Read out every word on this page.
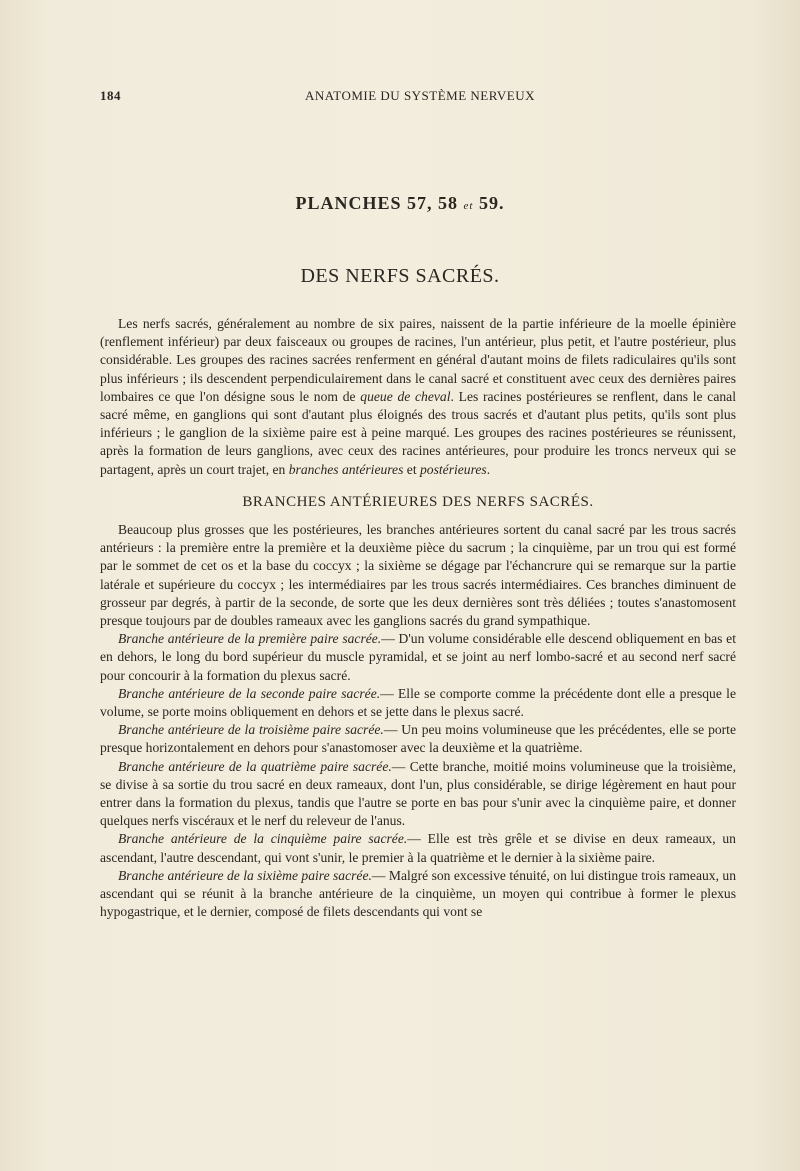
184	ANATOMIE DU SYSTÈME NERVEUX
PLANCHES 57, 58 et 59.
DES NERFS SACRÉS.

Les nerfs sacrés, généralement au nombre de six paires, naissent de la partie inférieure de la moelle épinière (renflement inférieur) par deux faisceaux ou groupes de racines, l'un antérieur, plus petit, et l'autre postérieur, plus considérable. Les groupes des racines sacrées renferment en général d'autant moins de filets radiculaires qu'ils sont plus inférieurs ; ils descendent perpendiculairement dans le canal sacré et constituent avec ceux des dernières paires lombaires ce que l'on désigne sous le nom de queue de cheval. Les racines postérieures se renflent, dans le canal sacré même, en ganglions qui sont d'autant plus éloignés des trous sacrés et d'autant plus petits, qu'ils sont plus inférieurs ; le ganglion de la sixième paire est à peine marqué. Les groupes des racines postérieures se réunissent, après la formation de leurs ganglions, avec ceux des racines antérieures, pour produire les troncs nerveux qui se partagent, après un court trajet, en branches antérieures et postérieures.

BRANCHES ANTÉRIEURES DES NERFS SACRÉS.

Beaucoup plus grosses que les postérieures, les branches antérieures sortent du canal sacré par les trous sacrés antérieurs : la première entre la première et la deuxième pièce du sacrum ; la cinquième, par un trou qui est formé par le sommet de cet os et la base du coccyx ; la sixième se dégage par l'échancrure qui se remarque sur la partie latérale et supérieure du coccyx ; les intermédiaires par les trous sacrés intermédiaires. Ces branches diminuent de grosseur par degrés, à partir de la seconde, de sorte que les deux dernières sont très déliées ; toutes s'anastomosent presque toujours par de doubles rameaux avec les ganglions sacrés du grand sympathique.

Branche antérieure de la première paire sacrée.— D'un volume considérable elle descend obliquement en bas et en dehors, le long du bord supérieur du muscle pyramidal, et se joint au nerf lombo-sacré et au second nerf sacré pour concourir à la formation du plexus sacré.

Branche antérieure de la seconde paire sacrée.— Elle se comporte comme la précédente dont elle a presque le volume, se porte moins obliquement en dehors et se jette dans le plexus sacré.

Branche antérieure de la troisième paire sacrée.— Un peu moins volumineuse que les précédentes, elle se porte presque horizontalement en dehors pour s'anastomoser avec la deuxième et la quatrième.

Branche antérieure de la quatrième paire sacrée.— Cette branche, moitié moins volumineuse que la troisième, se divise à sa sortie du trou sacré en deux rameaux, dont l'un, plus considérable, se dirige légèrement en haut pour entrer dans la formation du plexus, tandis que l'autre se porte en bas pour s'unir avec la cinquième paire, et donner quelques nerfs viscéraux et le nerf du releveur de l'anus.

Branche antérieure de la cinquième paire sacrée.— Elle est très grêle et se divise en deux rameaux, un ascendant, l'autre descendant, qui vont s'unir, le premier à la quatrième et le dernier à la sixième paire.

Branche antérieure de la sixième paire sacrée.— Malgré son excessive ténuité, on lui distingue trois rameaux, un ascendant qui se réunit à la branche antérieure de la cinquième, un moyen qui contribue à former le plexus hypogastrique, et le dernier, composé de filets descendants qui vont se
